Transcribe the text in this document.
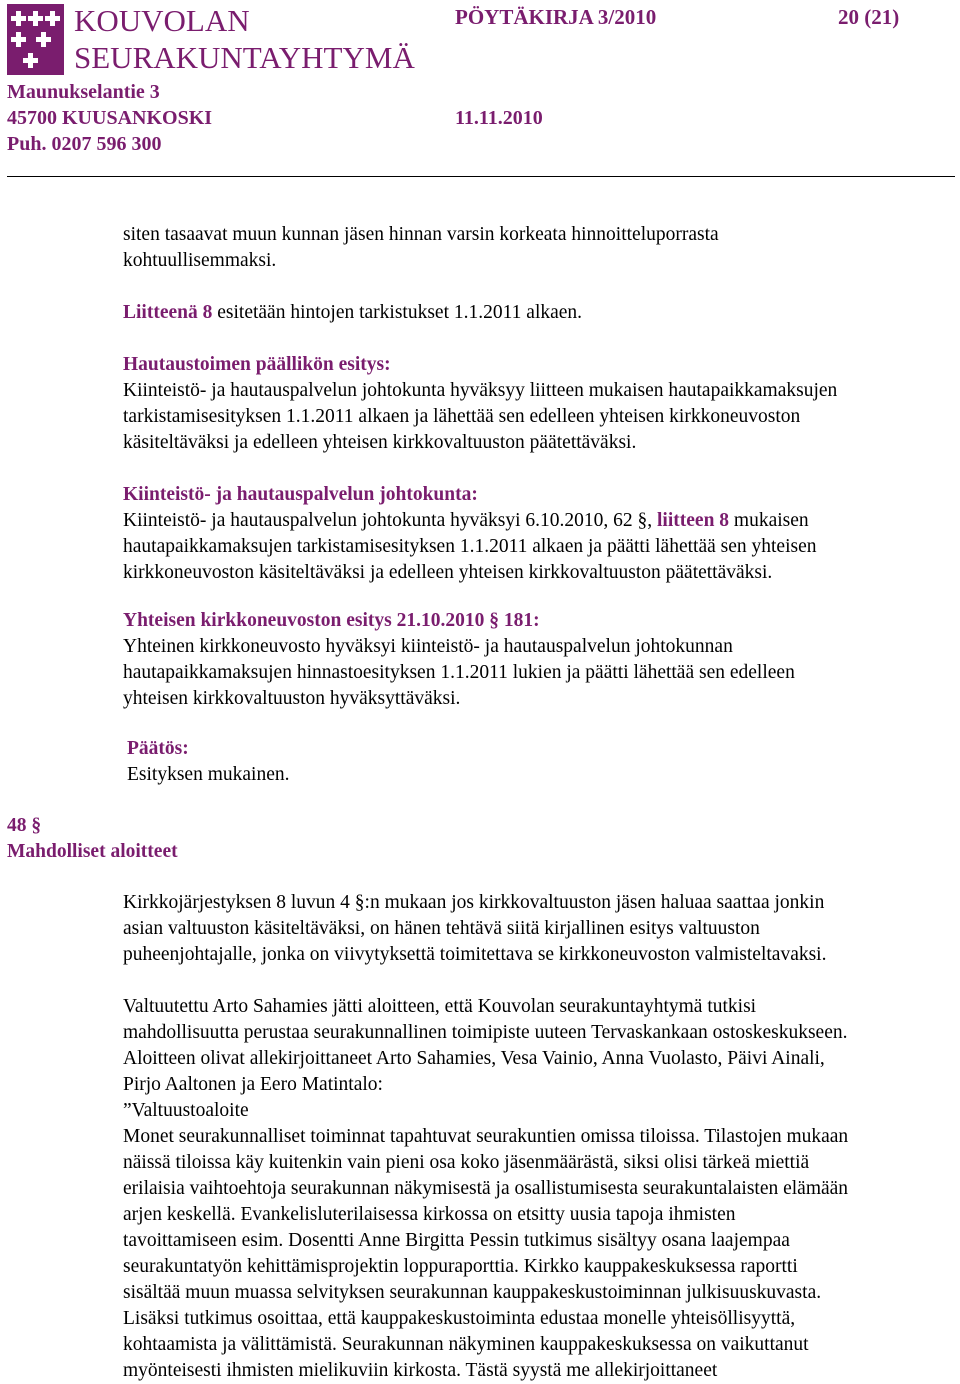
KOUVOLAN
SEURAKUNTAYHTYMÄ
PÖYTÄKIRJA 3/2010	20 (21)
Maunukselantie 3
45700 KUUSANKOSKI
Puh. 0207 596 300
11.11.2010

siten tasaavat muun kunnan jäsen hinnan varsin korkeata hinnoitteluporrasta

kohtuullisemmaksi.

Liitteenä 8 esitetään hintojen tarkistukset 1.1.2011 alkaen.

Hautaustoimen päällikön esitys:

Kiinteistö- ja hautauspalvelun johtokunta hyväksyy liitteen mukaisen hautapaikkamaksujen

tarkistamisesityksen 1.1.2011 alkaen ja lähettää sen edelleen yhteisen kirkkoneuvoston

käsiteltäväksi ja edelleen yhteisen kirkkovaltuuston päätettäväksi.

Kiinteistö- ja hautauspalvelun johtokunta:

Kiinteistö- ja hautauspalvelun johtokunta hyväksyi 6.10.2010, 62 §, liitteen 8 mukaisen

hautapaikkamaksujen tarkistamisesityksen 1.1.2011 alkaen ja päätti lähettää sen yhteisen

kirkkoneuvoston käsiteltäväksi ja edelleen yhteisen kirkkovaltuuston päätettäväksi.

Yhteisen kirkkoneuvoston esitys 21.10.2010 § 181:

Yhteinen kirkkoneuvosto hyväksyi kiinteistö- ja hautauspalvelun johtokunnan

hautapaikkamaksujen hinnastoesityksen 1.1.2011 lukien ja päätti lähettää sen edelleen

yhteisen kirkkovaltuuston hyväksyttäväksi.

Päätös:

Esityksen mukainen.

48 §
Mahdolliset aloitteet

Kirkkojärjestyksen 8 luvun 4 §:n mukaan jos kirkkovaltuuston jäsen haluaa saattaa jonkin

asian valtuuston käsiteltäväksi, on hänen tehtävä siitä kirjallinen esitys valtuuston

puheenjohtajalle, jonka on viivytyksettä toimitettava se kirkkoneuvoston valmisteltavaksi.

Valtuutettu Arto Sahamies jätti aloitteen, että Kouvolan seurakuntayhtymä tutkisi

mahdollisuutta perustaa seurakunnallinen toimipiste uuteen Tervaskankaan ostoskeskukseen.

Aloitteen olivat allekirjoittaneet Arto Sahamies, Vesa Vainio, Anna Vuolasto, Päivi Ainali,

Pirjo Aaltonen ja Eero Matintalo:

”Valtuustoaloite

Monet seurakunnalliset toiminnat tapahtuvat seurakuntien omissa tiloissa. Tilastojen mukaan

näissä tiloissa käy kuitenkin vain pieni osa koko jäsenmäärästä, siksi olisi tärkeä miettiä

erilaisia vaihtoehtoja seurakunnan näkymisestä ja osallistumisesta seurakuntalaisten elämään

arjen keskellä. Evankelisluterilaisessa kirkossa on etsitty uusia tapoja ihmisten

tavoittamiseen esim. Dosentti Anne Birgitta Pessin tutkimus sisältyy osana laajempaa

seurakuntatyön kehittämisprojektin loppuraporttia. Kirkko kauppakeskuksessa raportti

sisältää muun muassa selvityksen seurakunnan kauppakeskustoiminnan julkisuuskuvasta.

Lisäksi tutkimus osoittaa, että kauppakeskustoiminta edustaa monelle yhteisöllisyyttä,

kohtaamista ja välittämistä. Seurakunnan näkyminen kauppakeskuksessa on vaikuttanut

myönteisesti ihmisten mielikuviin kirkosta. Tästä syystä me allekirjoittaneet
